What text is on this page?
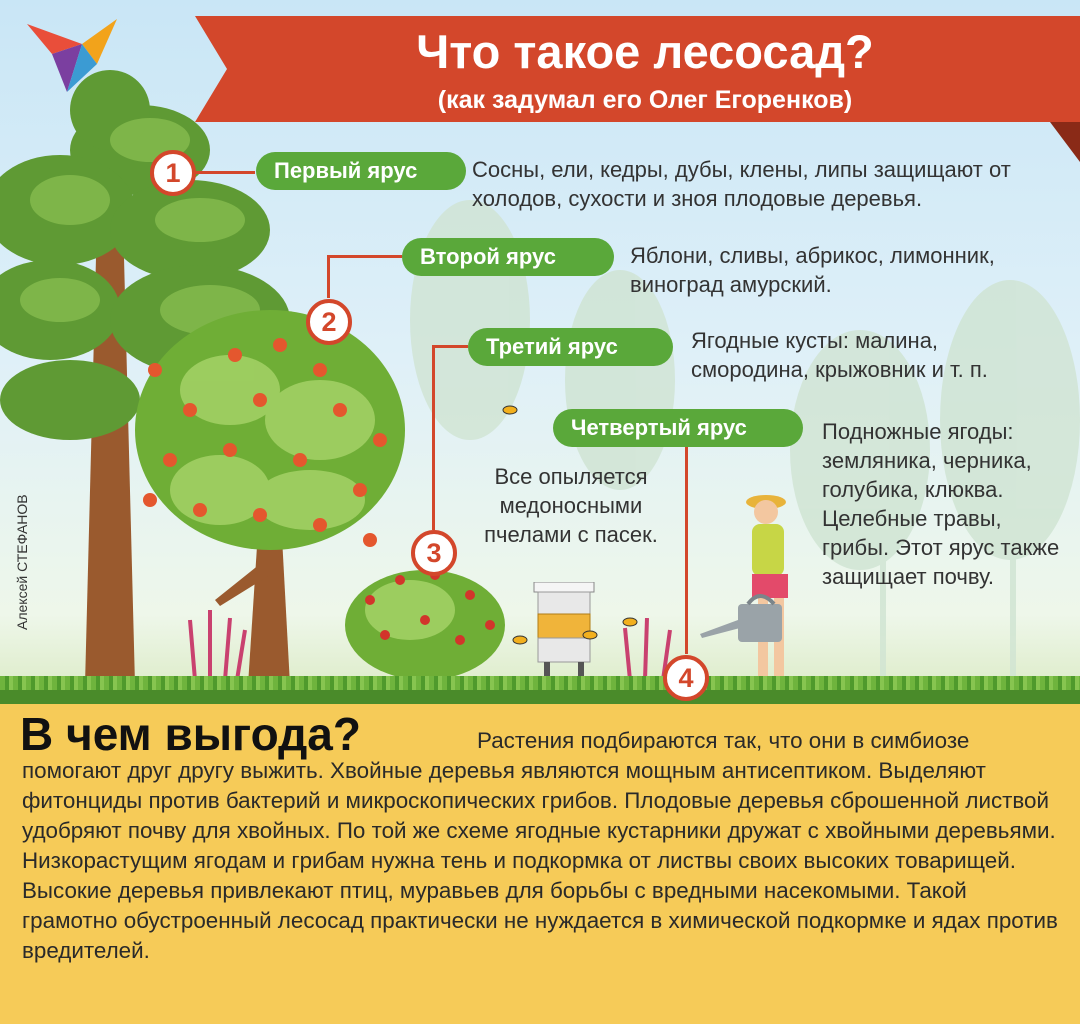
Что такое лесосад?
(как задумал его Олег Егоренков)
1
2
3
4
Первый ярус
Второй ярус
Третий ярус
Четвертый ярус
Сосны, ели, кедры, дубы, клены, липы защищают от холодов, сухости и зноя плодовые деревья.
Яблони, сливы, абрикос, лимонник, виноград амурский.
Ягодные кусты: малина, смородина, крыжовник и т. п.
Подножные ягоды: земляника, черника, голубика, клюква. Целебные травы, грибы. Этот ярус также защищает почву.
Все опыляется медоносными пчелами с пасек.
Алексей СТЕФАНОВ
В чем выгода?	Растения подбираются так, что они в симбиозе помогают друг другу выжить. Хвойные деревья являются мощным антисептиком. Выделяют фитонциды против бактерий и микроскопических грибов. Плодовые деревья сброшенной листвой удобряют почву для хвойных. По той же схеме ягодные кустарники дружат с хвойными деревьями. Низкорастущим ягодам и грибам нужна тень и подкормка от листвы своих высоких товарищей. Высокие деревья привлекают птиц, муравьев для борьбы с вредными насекомыми. Такой грамотно обустроенный лесосад практически не нуждается в химической подкормке и ядах против вредителей.
